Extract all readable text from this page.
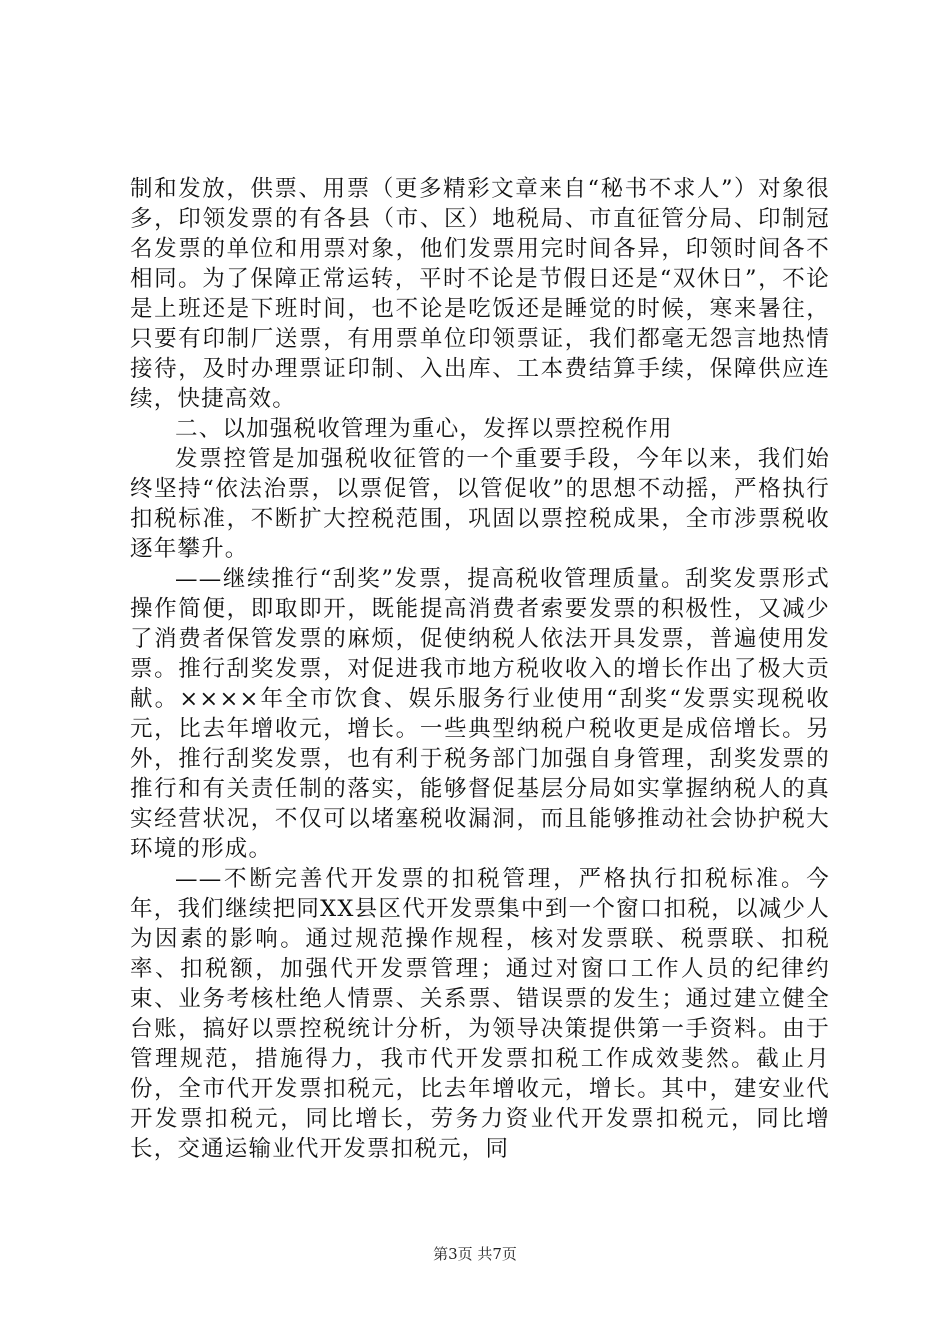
制和发放，供票、用票（更多精彩文章来自“秘书不求人”）对象很多，印领发票的有各县（市、区）地税局、市直征管分局、印制冠名发票的单位和用票对象，他们发票用完时间各异，印领时间各不相同。为了保障正常运转，平时不论是节假日还是“双休日”，不论是上班还是下班时间，也不论是吃饭还是睡觉的时候，寒来暑往，只要有印制厂送票，有用票单位印领票证，我们都毫无怨言地热情接待，及时办理票证印制、入出库、工本费结算手续，保障供应连续，快捷高效。

二、以加强税收管理为重心，发挥以票控税作用

发票控管是加强税收征管的一个重要手段，今年以来，我们始终坚持“依法治票，以票促管，以管促收”的思想不动摇，严格执行扣税标准，不断扩大控税范围，巩固以票控税成果，全市涉票税收逐年攀升。

——继续推行“刮奖”发票，提高税收管理质量。刮奖发票形式操作简便，即取即开，既能提高消费者索要发票的积极性，又减少了消费者保管发票的麻烦，促使纳税人依法开具发票，普遍使用发票。推行刮奖发票，对促进我市地方税收收入的增长作出了极大贡献。××××年全市饮食、娱乐服务行业使用“刮奖“发票实现税收元，比去年增收元，增长。一些典型纳税户税收更是成倍增长。另外，推行刮奖发票，也有利于税务部门加强自身管理，刮奖发票的推行和有关责任制的落实，能够督促基层分局如实掌握纳税人的真实经营状况，不仅可以堵塞税收漏洞，而且能够推动社会协护税大环境的形成。

——不断完善代开发票的扣税管理，严格执行扣税标准。今年，我们继续把同XX县区代开发票集中到一个窗口扣税，以减少人为因素的影响。通过规范操作规程，核对发票联、税票联、扣税率、扣税额，加强代开发票管理；通过对窗口工作人员的纪律约束、业务考核杜绝人情票、关系票、错误票的发生；通过建立健全台账，搞好以票控税统计分析，为领导决策提供第一手资料。由于管理规范，措施得力，我市代开发票扣税工作成效斐然。截止月份，全市代开发票扣税元，比去年增收元，增长。其中，建安业代开发票扣税元，同比增长，劳务力资业代开发票扣税元，同比增长，交通运输业代开发票扣税元，同

第3页 共7页
